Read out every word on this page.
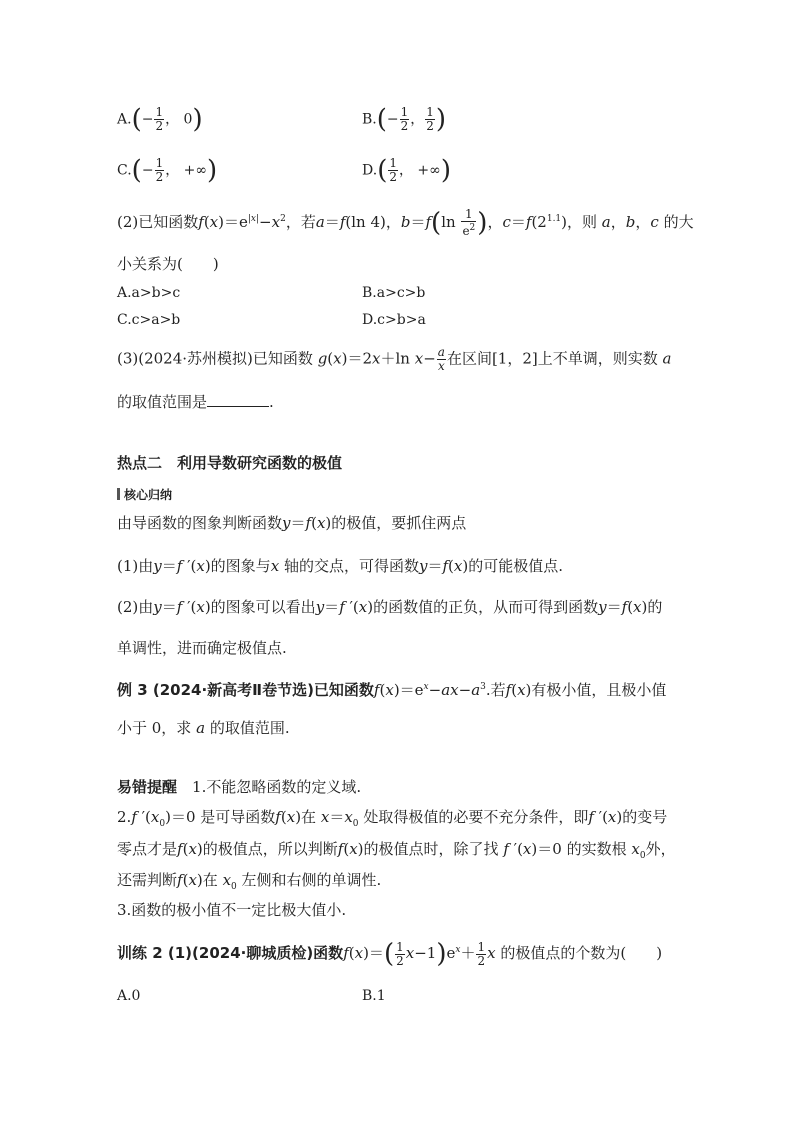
$A.(- \frac{1}{2}$ ， 0)	$B.(- \frac{1}{2}$ ， $\frac{1}{2}$ )
$C.(- \frac{1}{2}$ ， +∞)	$D.( \frac{1}{2}$ ， +∞)
(2)已知函数$f(x)=e^{|x|}-x^2$，若a＝f(ln 4)，$b=f(\ln \frac{1}{e^2}$ )，$c=f(2^{1.1})$，则 a，b，c 的大
小关系为(　　)
A.a>b>c	B.a>c>b
C.c>a>b	D.c>b>a
(3)(2024·苏州模拟)已知函数 g(x)＝2x＋ln $x- \frac{a}{x}$ 在区间[1，2]上不单调，则实数 a
的取值范围是	.
热点二　利用导数研究函数的极值
核心归纳
由导函数的图象判断函数y＝f(x)的极值，要抓住两点
(1)由y＝f ′(x)的图象与x 轴的交点，可得函数y＝f(x)的可能极值点.
(2)由y＝f ′(x)的图象可以看出y＝f ′(x)的函数值的正负，从而可得到函数y＝f(x)的
单调性，进而确定极值点.
例 3 (2024·新高考Ⅱ卷节选)已知函数$f(x)=e^x-ax-a^3$.若f(x)有极小值，且极小值
小于 0，求 a 的取值范围.
易错提醒　 1.不能忽略函数的定义域.
2.f $'(x_0)=0$ 是可导函数f(x)在 $x=x_0$ 处取得极值的必要不充分条件，即f ′(x)的变号
零点才是f(x)的极值点，所以判断f(x)的极值点时，除了找 f ′(x)＝0 的实数根 $x_0$外，
还需判断f(x)在 $x_0$ 左侧和右侧的单调性.
3.函数的极小值不一定比极大值小.
训练 2 (1)(2024·聊城质检)函数$f(x)=( \frac{1}{2} x-1)e^x+ \frac{1}{2}$ x 的极值点的个数为(　　)
A.0	B.1
